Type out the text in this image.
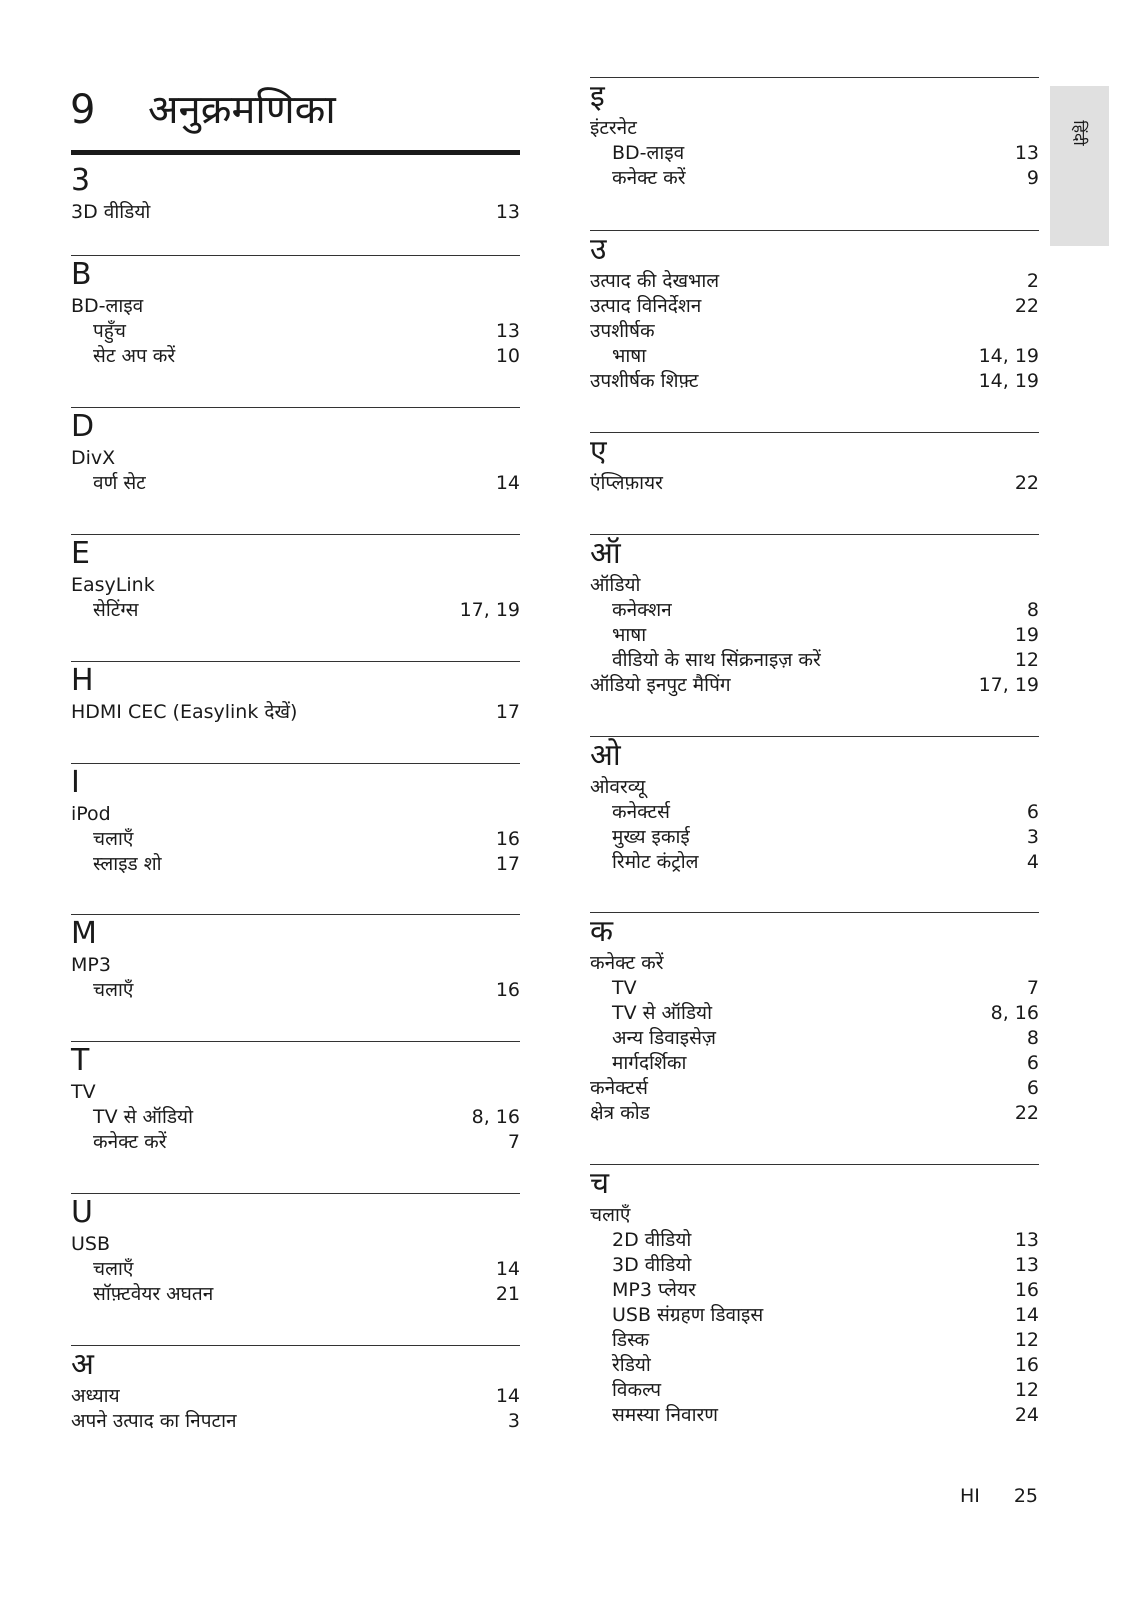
9 अनुक्रमणिका
3
3D वीडियो	13
B
BD-लाइव
पहुँच	13
सेट अप करें	10
D
DivX
वर्ण सेट	14
E
EasyLink
सेटिंग्स	17, 19
H
HDMI CEC (Easylink देखें)	17
I
iPod
चलाएँ	16
स्लाइड शो	17
M
MP3
चलाएँ	16
T
TV
TV से ऑडियो	8, 16
कनेक्ट करें	7
U
USB
चलाएँ	14
सॉफ़्टवेयर अघतन	21
अ
अध्याय	14
अपने उत्पाद का निपटान	3
इ
इंटरनेट
BD-लाइव	13
कनेक्ट करें	9
उ
उत्पाद की देखभाल	2
उत्पाद विनिर्देशन	22
उपशीर्षक
भाषा	14, 19
उपशीर्षक शिफ़्ट	14, 19
ए
एंप्लिफ़ायर	22
ऑ
ऑडियो
कनेक्शन	8
भाषा	19
वीडियो के साथ सिंक्रनाइज़ करें	12
ऑडियो इनपुट मैपिंग	17, 19
ओ
ओवरव्यू
कनेक्टर्स	6
मुख्य इकाई	3
रिमोट कंट्रोल	4
क
कनेक्ट करें
TV	7
TV से ऑडियो	8, 16
अन्य डिवाइसेज़	8
मार्गदर्शिका	6
कनेक्टर्स	6
क्षेत्र कोड	22
च
चलाएँ
2D वीडियो	13
3D वीडियो	13
MP3 प्लेयर	16
USB संग्रहण डिवाइस	14
डिस्क	12
रेडियो	16
विकल्प	12
समस्या निवारण	24
हिंदी
HI 25
